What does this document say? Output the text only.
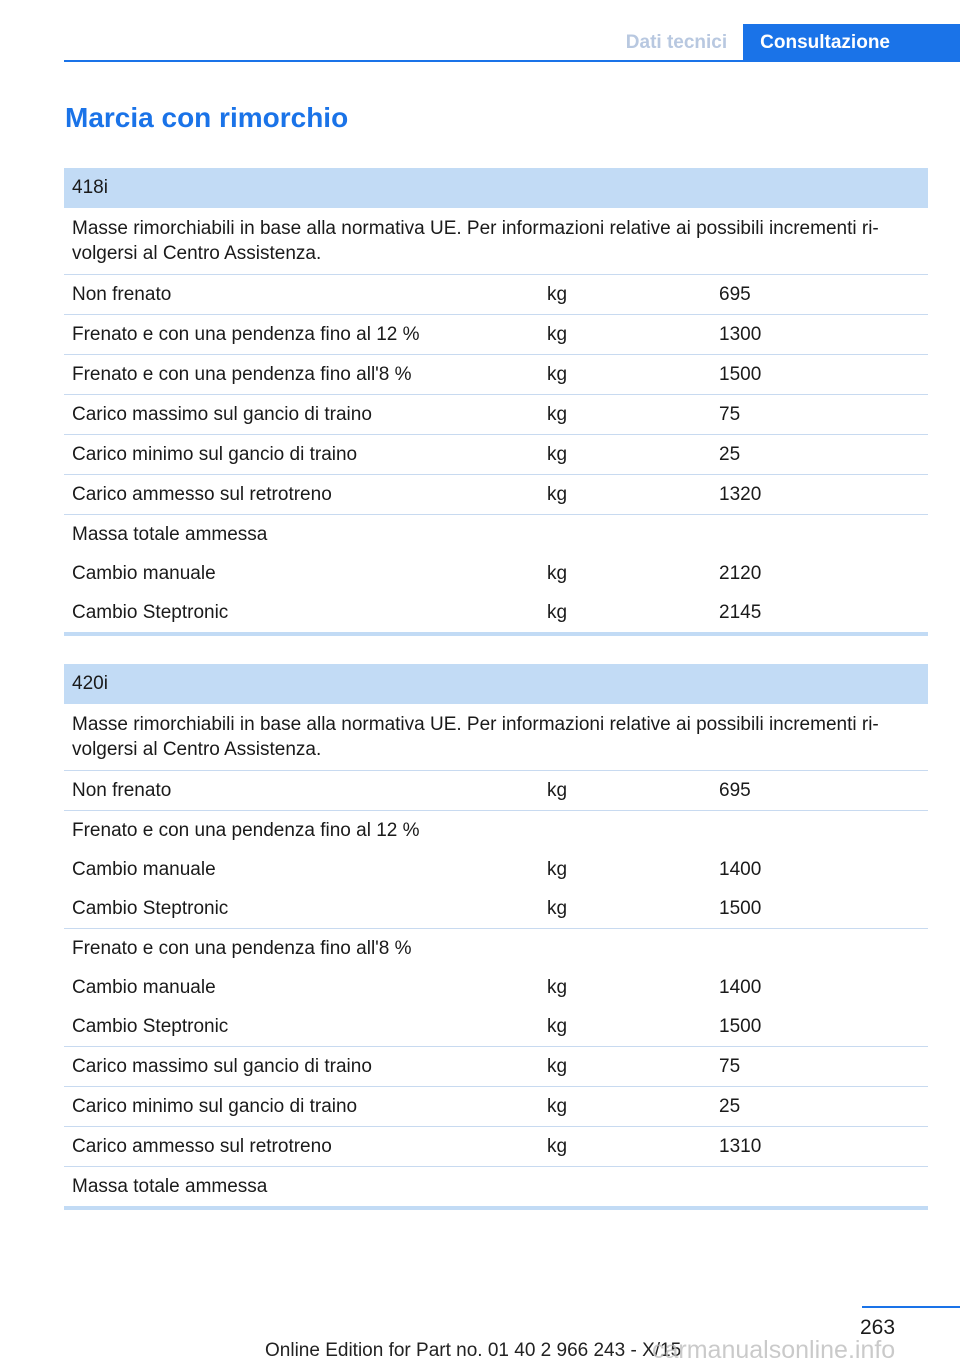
Dati tecnici	Consultazione
Marcia con rimorchio
418i
Masse rimorchiabili in base alla normativa UE. Per informazioni relative ai possibili incrementi ri-volgersi al Centro Assistenza.
Non frenato	kg	695
Frenato e con una pendenza fino al 12 %	kg	1300
Frenato e con una pendenza fino all'8 %	kg	1500
Carico massimo sul gancio di traino	kg	75
Carico minimo sul gancio di traino	kg	25
Carico ammesso sul retrotreno	kg	1320
Massa totale ammessa
Cambio manuale	kg	2120
Cambio Steptronic	kg	2145
420i
Masse rimorchiabili in base alla normativa UE. Per informazioni relative ai possibili incrementi ri-volgersi al Centro Assistenza.
Non frenato	kg	695
Frenato e con una pendenza fino al 12 %
Cambio manuale	kg	1400
Cambio Steptronic	kg	1500
Frenato e con una pendenza fino all'8 %
Cambio manuale	kg	1400
Cambio Steptronic	kg	1500
Carico massimo sul gancio di traino	kg	75
Carico minimo sul gancio di traino	kg	25
Carico ammesso sul retrotreno	kg	1310
Massa totale ammessa
263
Online Edition for Part no. 01 40 2 966 243 - X/15
carmanualsonline.info
